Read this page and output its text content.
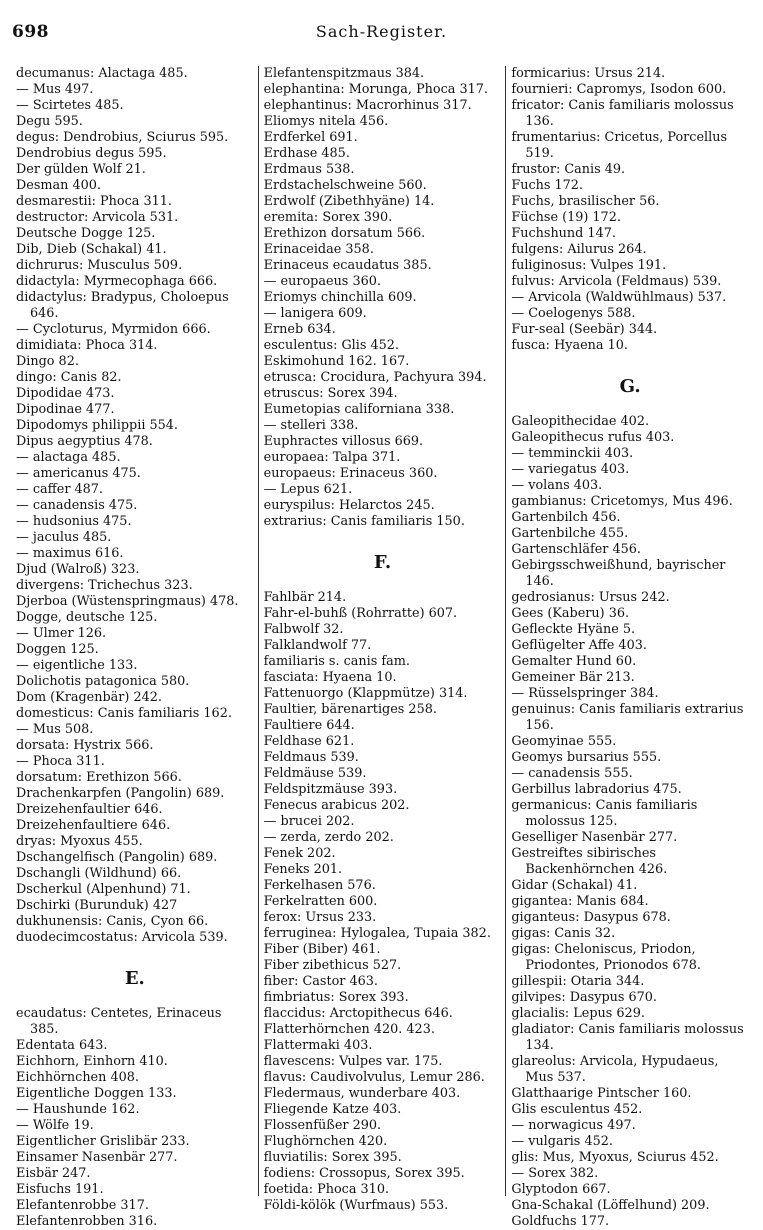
698	Sach-Register.
decumanus: Alactaga 485.
— Mus 497.
— Scirtetes 485.
Degu 595.
degus: Dendrobius, Sciurus 595.
Dendrobius degus 595.
Der gülden Wolf 21.
Desman 400.
desmarestii: Phoca 311.
destructor: Arvicola 531.
Deutsche Dogge 125.
Dib, Dieb (Schakal) 41.
dichrurus: Musculus 509.
didactyla: Myrmecophaga 666.
didactylus: Bradypus, Choloepus 646.
— Cycloturus, Myrmidon 666.
dimidiata: Phoca 314.
Dingo 82.
dingo: Canis 82.
Dipodidae 473.
Dipodinae 477.
Dipodomys philippii 554.
Dipus aegyptius 478.
— alactaga 485.
— americanus 475.
— caffer 487.
— canadensis 475.
— hudsonius 475.
— jaculus 485.
— maximus 616.
Djud (Walroß) 323.
divergens: Trichechus 323.
Djerboa (Wüstenspringmaus) 478.
Dogge, deutsche 125.
— Ulmer 126.
Doggen 125.
— eigentliche 133.
Dolichotis patagonica 580.
Dom (Kragenbär) 242.
domesticus: Canis familiaris 162.
— Mus 508.
dorsata: Hystrix 566.
— Phoca 311.
dorsatum: Erethizon 566.
Drachenkarpfen (Pangolin) 689.
Dreizehenfaultier 646.
Dreizehenfaultiere 646.
dryas: Myoxus 455.
Dschangelfisch (Pangolin) 689.
Dschangli (Wildhund) 66.
Dscherkul (Alpenhund) 71.
Dschirki (Burunduk) 427
dukhunensis: Canis, Cyon 66.
duodecimcostatus: Arvicola 539.
E.
ecaudatus: Centetes, Erinaceus 385.
Edentata 643.
Eichhorn, Einhorn 410.
Eichhörnchen 408.
Eigentliche Doggen 133.
— Haushunde 162.
— Wölfe 19.
Eigentlicher Grislibär 233.
Einsamer Nasenbär 277.
Eisbär 247.
Eisfuchs 191.
Elefantenrobbe 317.
Elefantenrobben 316.
Elefantenspitzmaus 384.
elephantina: Morunga, Phoca 317.
elephantinus: Macrorhinus 317.
Eliomys nitela 456.
Erdferkel 691.
Erdhase 485.
Erdmaus 538.
Erdstachelschweine 560.
Erdwolf (Zibethhyäne) 14.
eremita: Sorex 390.
Erethizon dorsatum 566.
Erinaceidae 358.
Erinaceus ecaudatus 385.
— europaeus 360.
Eriomys chinchilla 609.
— lanigera 609.
Erneb 634.
esculentus: Glis 452.
Eskimohund 162. 167.
etrusca: Crocidura, Pachyura 394.
etruscus: Sorex 394.
Eumetopias californiana 338.
— stelleri 338.
Euphractes villosus 669.
europaea: Talpa 371.
europaeus: Erinaceus 360.
— Lepus 621.
euryspilus: Helarctos 245.
extrarius: Canis familiaris 150.
F.
Fahlbär 214.
Fahr-el-buhß (Rohrratte) 607.
Falbwolf 32.
Falklandwolf 77.
familiaris s. canis fam.
fasciata: Hyaena 10.
Fattenuorgo (Klappmütze) 314.
Faultier, bärenartiges 258.
Faultiere 644.
Feldhase 621.
Feldmaus 539.
Feldmäuse 539.
Feldspitzmäuse 393.
Fenecus arabicus 202.
— brucei 202.
— zerda, zerdo 202.
Fenek 202.
Feneks 201.
Ferkelhasen 576.
Ferkelratten 600.
ferox: Ursus 233.
ferruginea: Hylogalea, Tupaia 382.
Fiber (Biber) 461.
Fiber zibethicus 527.
fiber: Castor 463.
fimbriatus: Sorex 393.
flaccidus: Arctopithecus 646.
Flatterhörnchen 420. 423.
Flattermaki 403.
flavescens: Vulpes var. 175.
flavus: Caudivolvulus, Lemur 286.
Fledermaus, wunderbare 403.
Fliegende Katze 403.
Flossenfüßer 290.
Flughörnchen 420.
fluviatilis: Sorex 395.
fodiens: Crossopus, Sorex 395.
foetida: Phoca 310.
Földi-kölök (Wurfmaus) 553.
formicarius: Ursus 214.
fournieri: Capromys, Isodon 600.
fricator: Canis familiaris molossus 136.
frumentarius: Cricetus, Porcellus 519.
frustor: Canis 49.
Fuchs 172.
Fuchs, brasilischer 56.
Füchse (19) 172.
Fuchshund 147.
fulgens: Ailurus 264.
fuliginosus: Vulpes 191.
fulvus: Arvicola (Feldmaus) 539.
— Arvicola (Waldwühlmaus) 537.
— Coelogenys 588.
Fur-seal (Seebär) 344.
fusca: Hyaena 10.
G.
Galeopithecidae 402.
Galeopithecus rufus 403.
— temminckii 403.
— variegatus 403.
— volans 403.
gambianus: Cricetomys, Mus 496.
Gartenbilch 456.
Gartenbilche 455.
Gartenschläfer 456.
Gebirgsschweißhund, bayrischer 146.
gedrosianus: Ursus 242.
Gees (Kaberu) 36.
Gefleckte Hyäne 5.
Geflügelter Affe 403.
Gemalter Hund 60.
Gemeiner Bär 213.
— Rüsselspringer 384.
genuinus: Canis familiaris extrarius 156.
Geomyinae 555.
Geomys bursarius 555.
— canadensis 555.
Gerbillus labradorius 475.
germanicus: Canis familiaris molossus 125.
Geselliger Nasenbär 277.
Gestreiftes sibirisches Backenhörnchen 426.
Gidar (Schakal) 41.
gigantea: Manis 684.
giganteus: Dasypus 678.
gigas: Canis 32.
gigas: Cheloniscus, Priodon, Priodontes, Prionodos 678.
gillespii: Otaria 344.
gilvipes: Dasypus 670.
glacialis: Lepus 629.
gladiator: Canis familiaris molossus 134.
glareolus: Arvicola, Hypudaeus, Mus 537.
Glatthaarige Pintscher 160.
Glis esculentus 452.
— norwagicus 497.
— vulgaris 452.
glis: Mus, Myoxus, Sciurus 452.
— Sorex 382.
Glyptodon 667.
Gna-Schakal (Löffelhund) 209.
Goldfuchs 177.
